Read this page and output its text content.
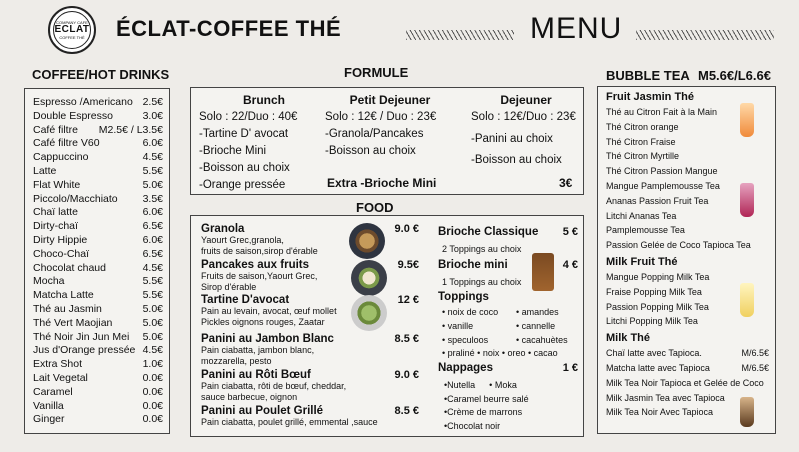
COMPANY CAFE
ECLAT
COFFEE THÉ ÉCLAT-COFFEE THÉ	MENU
COFFEE/HOT DRINKS
Espresso /Americano 2.5€
Double Espresso	3.0€
Café filtre M2.5€ / L3.5€
Café filtre V60	6.0€
Cappuccino	4.5€
Latte	5.5€
Flat White	5.0€
Piccolo/Macchiato 3.5€
Chaï latte	6.0€
Dirty-chaï	6.5€
Dirty Hippie	6.0€
Choco-Chaï	6.5€
Chocolat chaud	4.5€
Mocha	5.5€
Matcha Latte	5.5€
Thé au Jasmin	5.0€
Thé Vert Maojian	5.0€
Thé Noir Jin Jun Mei 5.0€
Jus d'Orange pressée 4.5€
Extra Shot	1.0€
Lait Vegetal	0.0€
Caramel	0.0€
Vanilla	0.0€
Ginger	0.0€
FORMULE
Brunch
Solo : 22/Duo : 40€
-Tartine D' avocat
-Brioche Mini
-Boisson au choix
-Orange pressée
Petit Dejeuner
Solo : 12€ / Duo : 23€
-Granola/Pancakes
-Boisson au choix
Dejeuner
Solo : 12€/Duo : 23€
-Panini au choix
-Boisson au choix
Extra -Brioche Mini	3€
FOOD
Granola	9.0 €
Yaourt Grec,granola,
fruits de saison,sirop d'érable
Pancakes aux fruits	9.5€
Fruits de saison,Yaourt Grec,
Sirop d'érable
Tartine D'avocat	12 €
Pain au levain, avocat, œuf mollet
Pickles oignons rouges, Zaatar
Panini au Jambon Blanc	8.5 €
Pain ciabatta, jambon blanc,
mozzarella, pesto
Panini au Rôti Bœuf	9.0 €
Pain ciabatta, rôti de bœuf, cheddar,
sauce barbecue, oignon
Panini au Poulet Grillé	8.5 €
Pain ciabatta, poulet grillé, emmental ,sauce
Brioche Classique 5 €
2 Toppings au choix
Brioche mini	4 €
1 Toppings au choix
Toppings
• noix de coco • amandes
• vanille	• cannelle
• speculoos	• cacahuètes
• praliné • noix • oreo • cacao
Nappages	1 €
•Nutella • Moka
•Caramel beurre salé
•Crème de marrons
•Chocolat noir
BUBBLE TEA M5.6€/L6.6€
Fruit Jasmin Thé
Thé au Citron Fait à la Main
Thé Citron orange
Thé Citron Fraise
Thé Citron Myrtille
Thé Citron Passion Mangue
Mangue Pamplemousse Tea
Ananas Passion Fruit Tea
Litchi Ananas Tea
Pamplemousse Tea
Passion Gelée de Coco Tapioca Tea
Milk Fruit Thé
Mangue Popping Milk Tea
Fraise Popping Milk Tea
Passion Popping Milk Tea
Litchi Popping Milk Tea
Milk Thé
Chaï latte avec Tapioca.	M/6.5€
Matcha latte avec Tapioca	M/6.5€
Milk Tea Noir Tapioca et Gelée de Coco
Milk Jasmin Tea avec Tapioca
Milk Tea Noir Avec Tapioca
